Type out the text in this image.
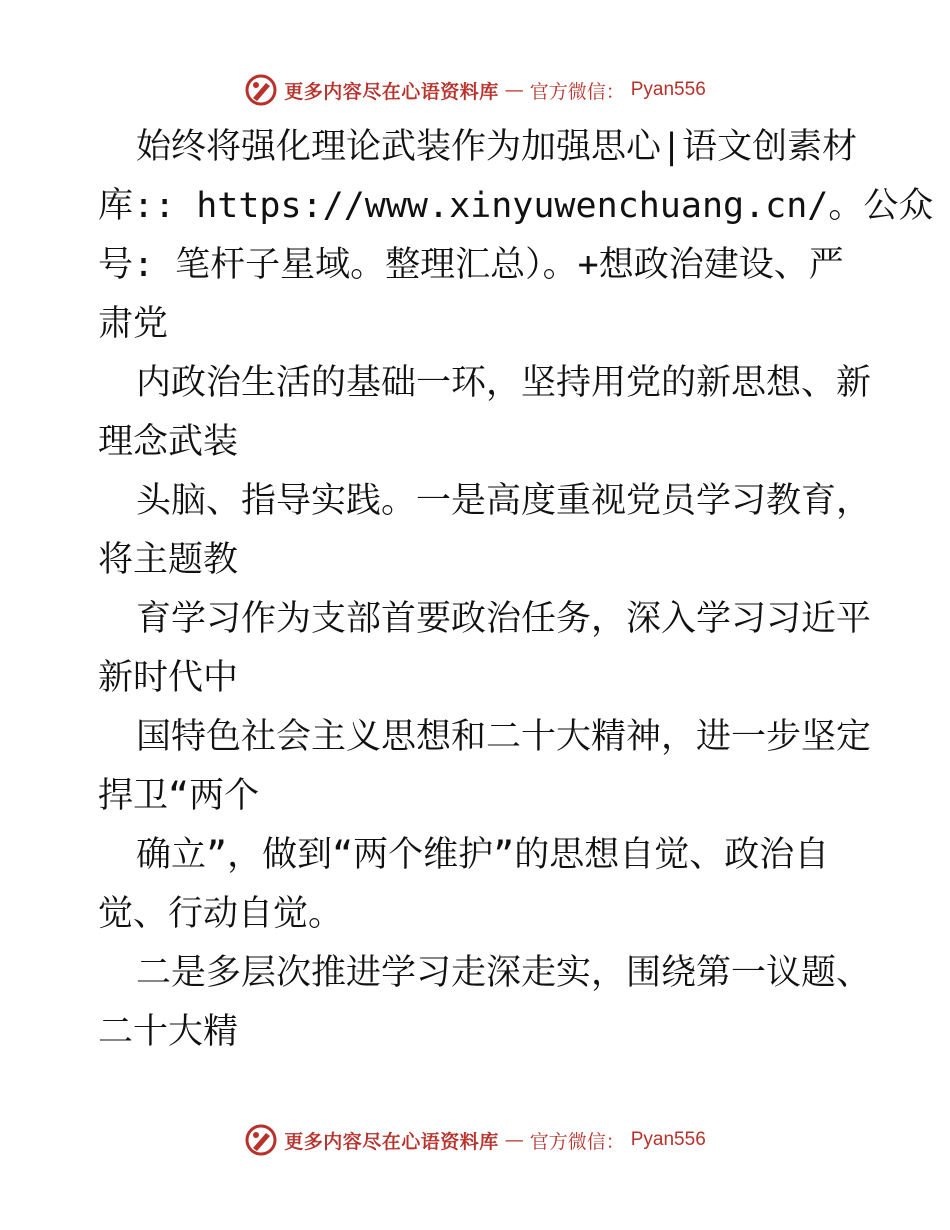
更多内容尽在心语资料库 — 官方微信： Pyan556
始终将强化理论武装作为加强思心|语文创素材
库:: https://www.xinyuwenchuang.cn/。公众
号: 笔杆子星域。整理汇总）。+想政治建设、严
肃党
内政治生活的基础一环，坚持用党的新思想、新
理念武装
头脑、指导实践。一是高度重视党员学习教育，
将主题教
育学习作为支部首要政治任务，深入学习习近平
新时代中
国特色社会主义思想和二十大精神，进一步坚定
捍卫“两个
确立”，做到“两个维护”的思想自觉、政治自
觉、行动自觉。
二是多层次推进学习走深走实，围绕第一议题、
二十大精
更多内容尽在心语资料库 — 官方微信： Pyan556
